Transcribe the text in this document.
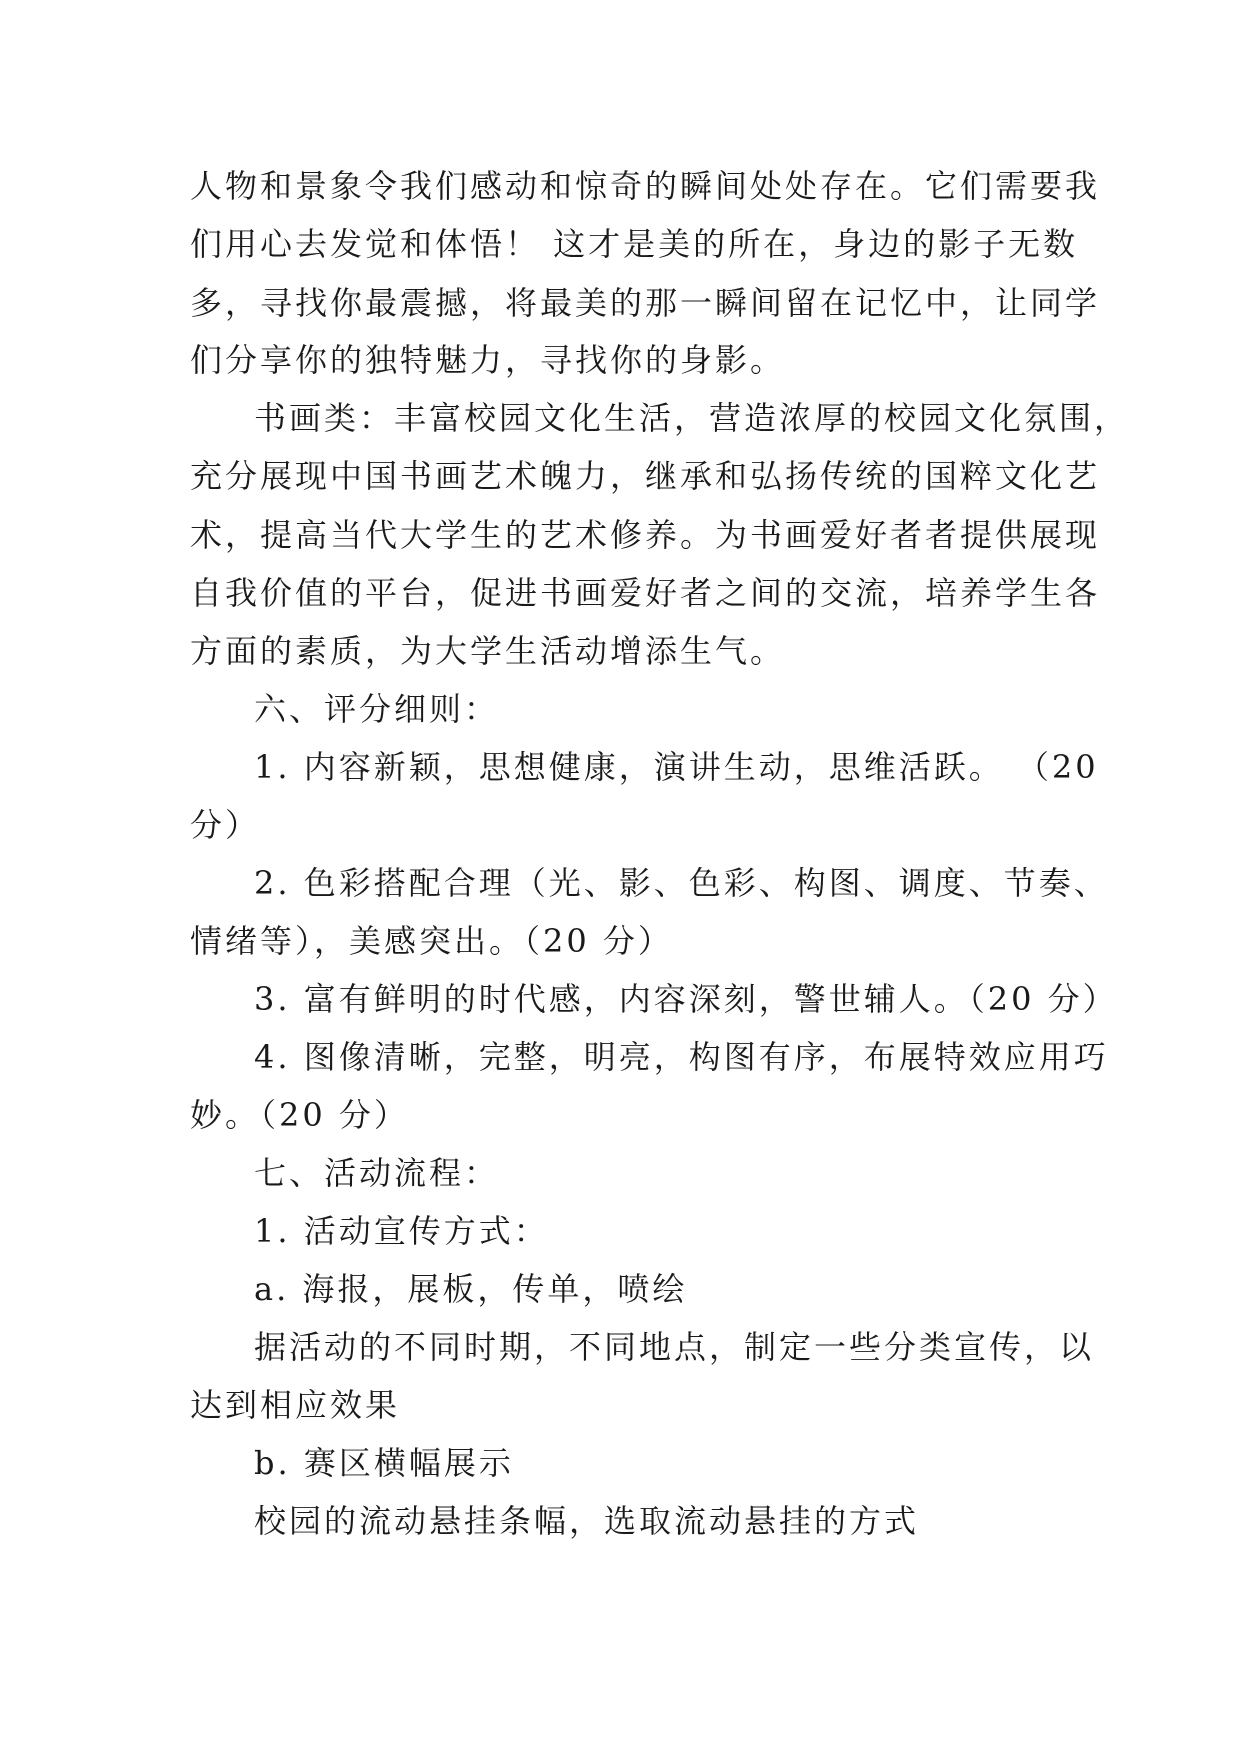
人物和景象令我们感动和惊奇的瞬间处处存在。它们需要我
们用心去发觉和体悟！ 这才是美的所在，身边的影子无数
多，寻找你最震撼，将最美的那一瞬间留在记忆中，让同学
们分享你的独特魅力，寻找你的身影。
书画类：丰富校园文化生活，营造浓厚的校园文化氛围，
充分展现中国书画艺术魄力，继承和弘扬传统的国粹文化艺
术，提高当代大学生的艺术修养。为书画爱好者者提供展现
自我价值的平台，促进书画爱好者之间的交流，培养学生各
方面的素质，为大学生活动增添生气。
六、评分细则：
1. 内容新颖，思想健康，演讲生动，思维活跃。 （20
分）
2. 色彩搭配合理（光、影、色彩、构图、调度、节奏、
情绪等），美感突出。（20 分）
3. 富有鲜明的时代感，内容深刻，警世辅人。（20 分）
4. 图像清晰，完整，明亮，构图有序，布展特效应用巧
妙。（20 分）
七、活动流程：
1. 活动宣传方式：
a. 海报，展板，传单，喷绘
据活动的不同时期，不同地点，制定一些分类宣传，以
达到相应效果
b. 赛区横幅展示
校园的流动悬挂条幅，选取流动悬挂的方式
